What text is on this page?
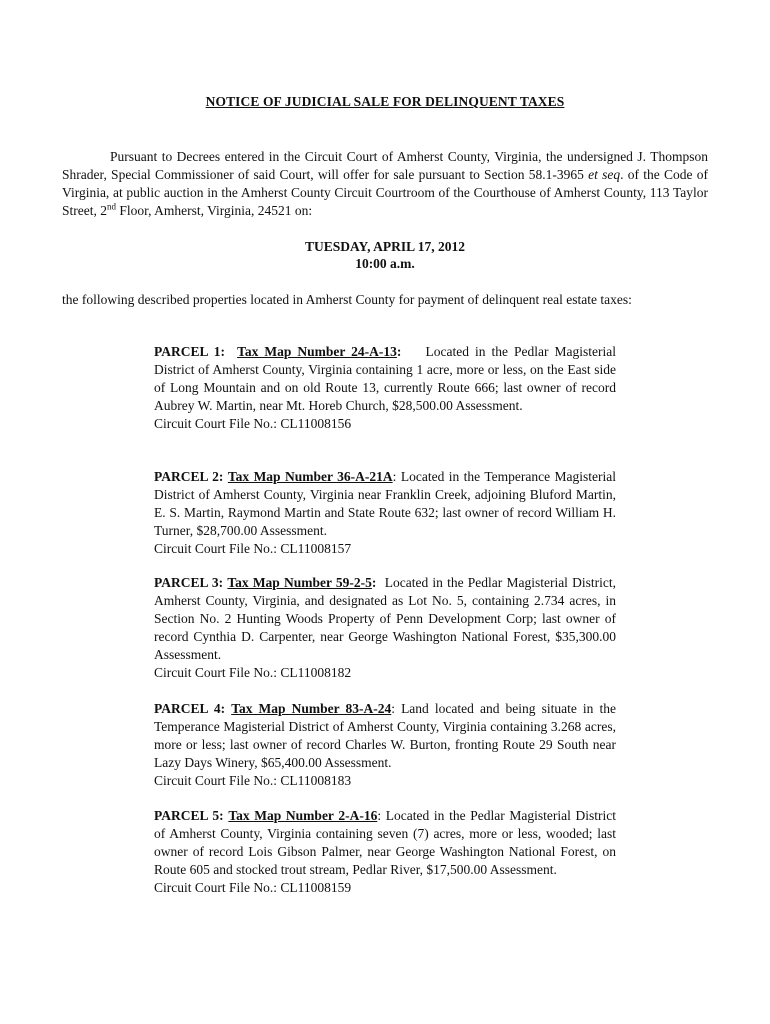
NOTICE OF JUDICIAL SALE FOR DELINQUENT TAXES

Pursuant to Decrees entered in the Circuit Court of Amherst County, Virginia, the undersigned J. Thompson Shrader, Special Commissioner of said Court, will offer for sale pursuant to Section 58.1-3965 et seq. of the Code of Virginia, at public auction in the Amherst County Circuit Courtroom of the Courthouse of Amherst County, 113 Taylor Street, 2nd Floor, Amherst, Virginia, 24521 on:

TUESDAY, APRIL 17, 2012
10:00 a.m.

the following described properties located in Amherst County for payment of delinquent real estate taxes:

PARCEL 1: Tax Map Number 24-A-13: Located in the Pedlar Magisterial District of Amherst County, Virginia containing 1 acre, more or less, on the East side of Long Mountain and on old Route 13, currently Route 666; last owner of record Aubrey W. Martin, near Mt. Horeb Church, $28,500.00 Assessment.
Circuit Court File No.: CL11008156
PARCEL 2: Tax Map Number 36-A-21A: Located in the Temperance Magisterial District of Amherst County, Virginia near Franklin Creek, adjoining Bluford Martin, E. S. Martin, Raymond Martin and State Route 632; last owner of record William H. Turner, $28,700.00 Assessment.
Circuit Court File No.: CL11008157
PARCEL 3: Tax Map Number 59-2-5: Located in the Pedlar Magisterial District, Amherst County, Virginia, and designated as Lot No. 5, containing 2.734 acres, in Section No. 2 Hunting Woods Property of Penn Development Corp; last owner of record Cynthia D. Carpenter, near George Washington National Forest, $35,300.00 Assessment.
Circuit Court File No.: CL11008182
PARCEL 4: Tax Map Number 83-A-24: Land located and being situate in the Temperance Magisterial District of Amherst County, Virginia containing 3.268 acres, more or less; last owner of record Charles W. Burton, fronting Route 29 South near Lazy Days Winery, $65,400.00 Assessment.
Circuit Court File No.: CL11008183
PARCEL 5: Tax Map Number 2-A-16: Located in the Pedlar Magisterial District of Amherst County, Virginia containing seven (7) acres, more or less, wooded; last owner of record Lois Gibson Palmer, near George Washington National Forest, on Route 605 and stocked trout stream, Pedlar River, $17,500.00 Assessment.
Circuit Court File No.: CL11008159
